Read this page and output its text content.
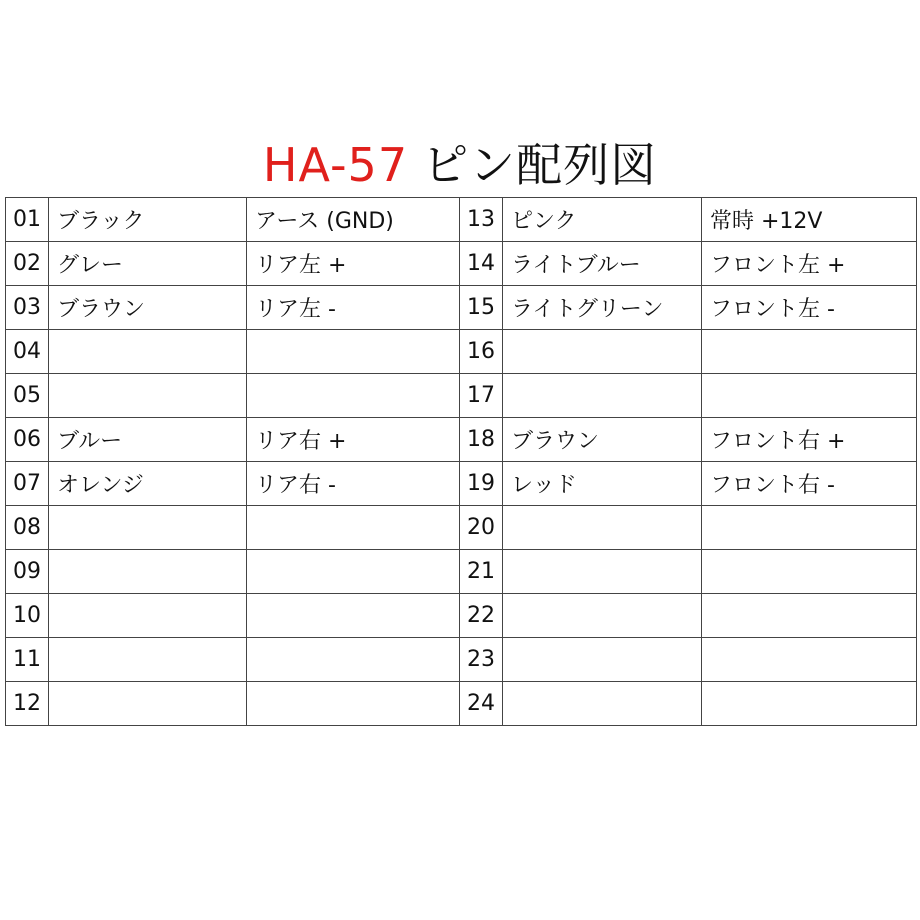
HA-57 ピン配列図
01	ブラック	アース (GND)	13	ピンク	常時 +12V
02	グレー	リア左 +	14	ライトブルー	フロント左 +
03	ブラウン	リア左 -	15	ライトグリーン	フロント左 -
04			16		
05			17		
06	ブルー	リア右 +	18	ブラウン	フロント右 +
07	オレンジ	リア右 -	19	レッド	フロント右 -
08			20		
09			21		
10			22		
11			23		
12			24		
